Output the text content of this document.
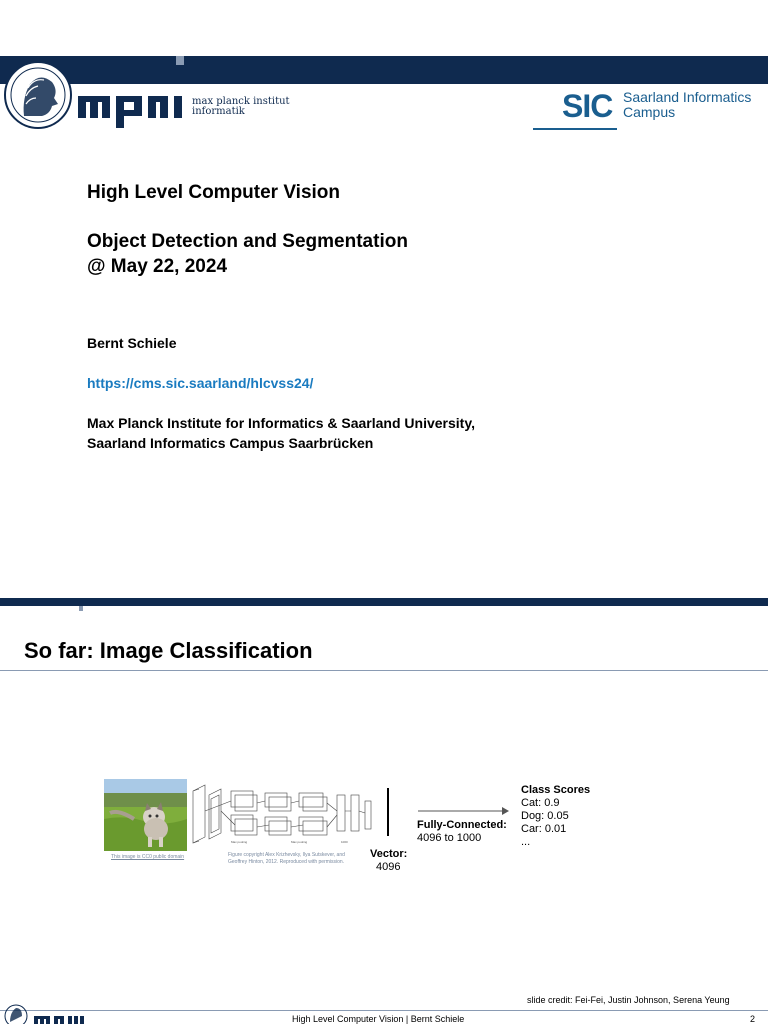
max planck institut
informatik	SIC Saarland Informatics
Campus
High Level Computer Vision
Object Detection and Segmentation
@ May 22, 2024
Bernt Schiele
https://cms.sic.saarland/hlcvss24/
Max Planck Institute for Informatics & Saarland University,
Saarland Informatics Campus Saarbrücken
So far: Image Classification
This image is CC0 public domain
Max pooling	Max pooling	1000
Figure copyright Alex Krizhevsky, Ilya Sutskever, and
Geoffrey Hinton, 2012. Reproduced with permission.
Vector:
4096
Fully-Connected:
4096 to 1000
Class Scores
Cat: 0.9
Dog: 0.05
Car: 0.01
...
slide credit: Fei-Fei, Justin Johnson, Serena Yeung
High Level Computer Vision | Bernt Schiele	2
